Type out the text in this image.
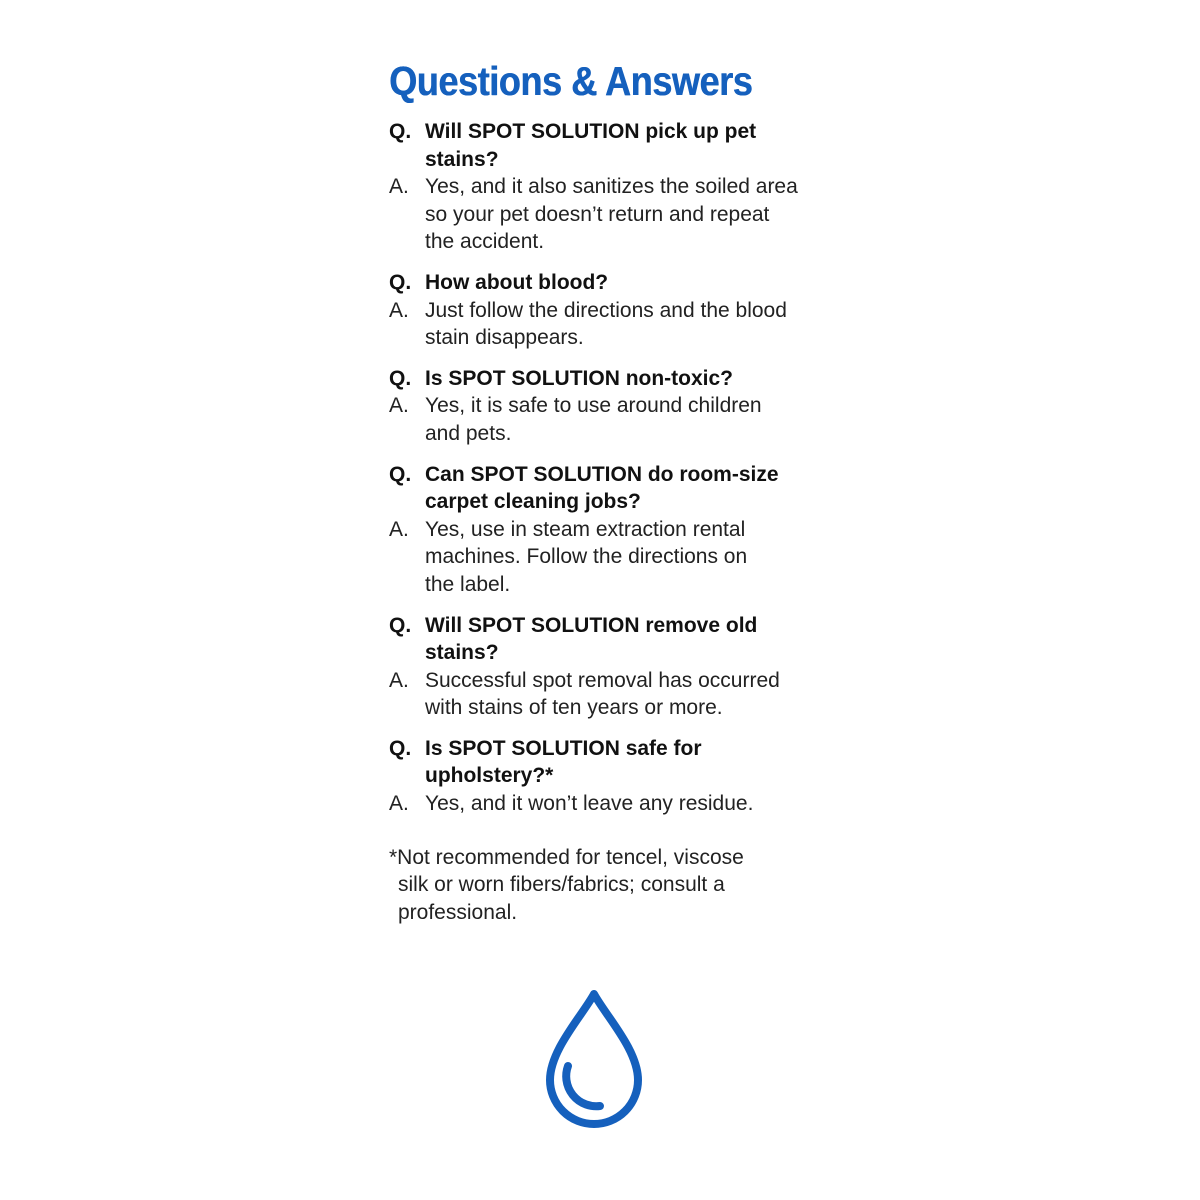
Questions & Answers
Q. Will SPOT SOLUTION pick up pet
stains?
A. Yes, and it also sanitizes the soiled area
so your pet doesn’t return and repeat
the accident.
Q. How about blood?
A. Just follow the directions and the blood
stain disappears.
Q. Is SPOT SOLUTION non-toxic?
A. Yes, it is safe to use around children
and pets.
Q. Can SPOT SOLUTION do room-size
carpet cleaning jobs?
A. Yes, use in steam extraction rental
machines. Follow the directions on
the label.
Q. Will SPOT SOLUTION remove old
stains?
A. Successful spot removal has occurred
with stains of ten years or more.
Q. Is SPOT SOLUTION safe for
upholstery?*
A. Yes, and it won’t leave any residue.
*Not recommended for tencel, viscose
silk or worn fibers/fabrics; consult a
professional.
